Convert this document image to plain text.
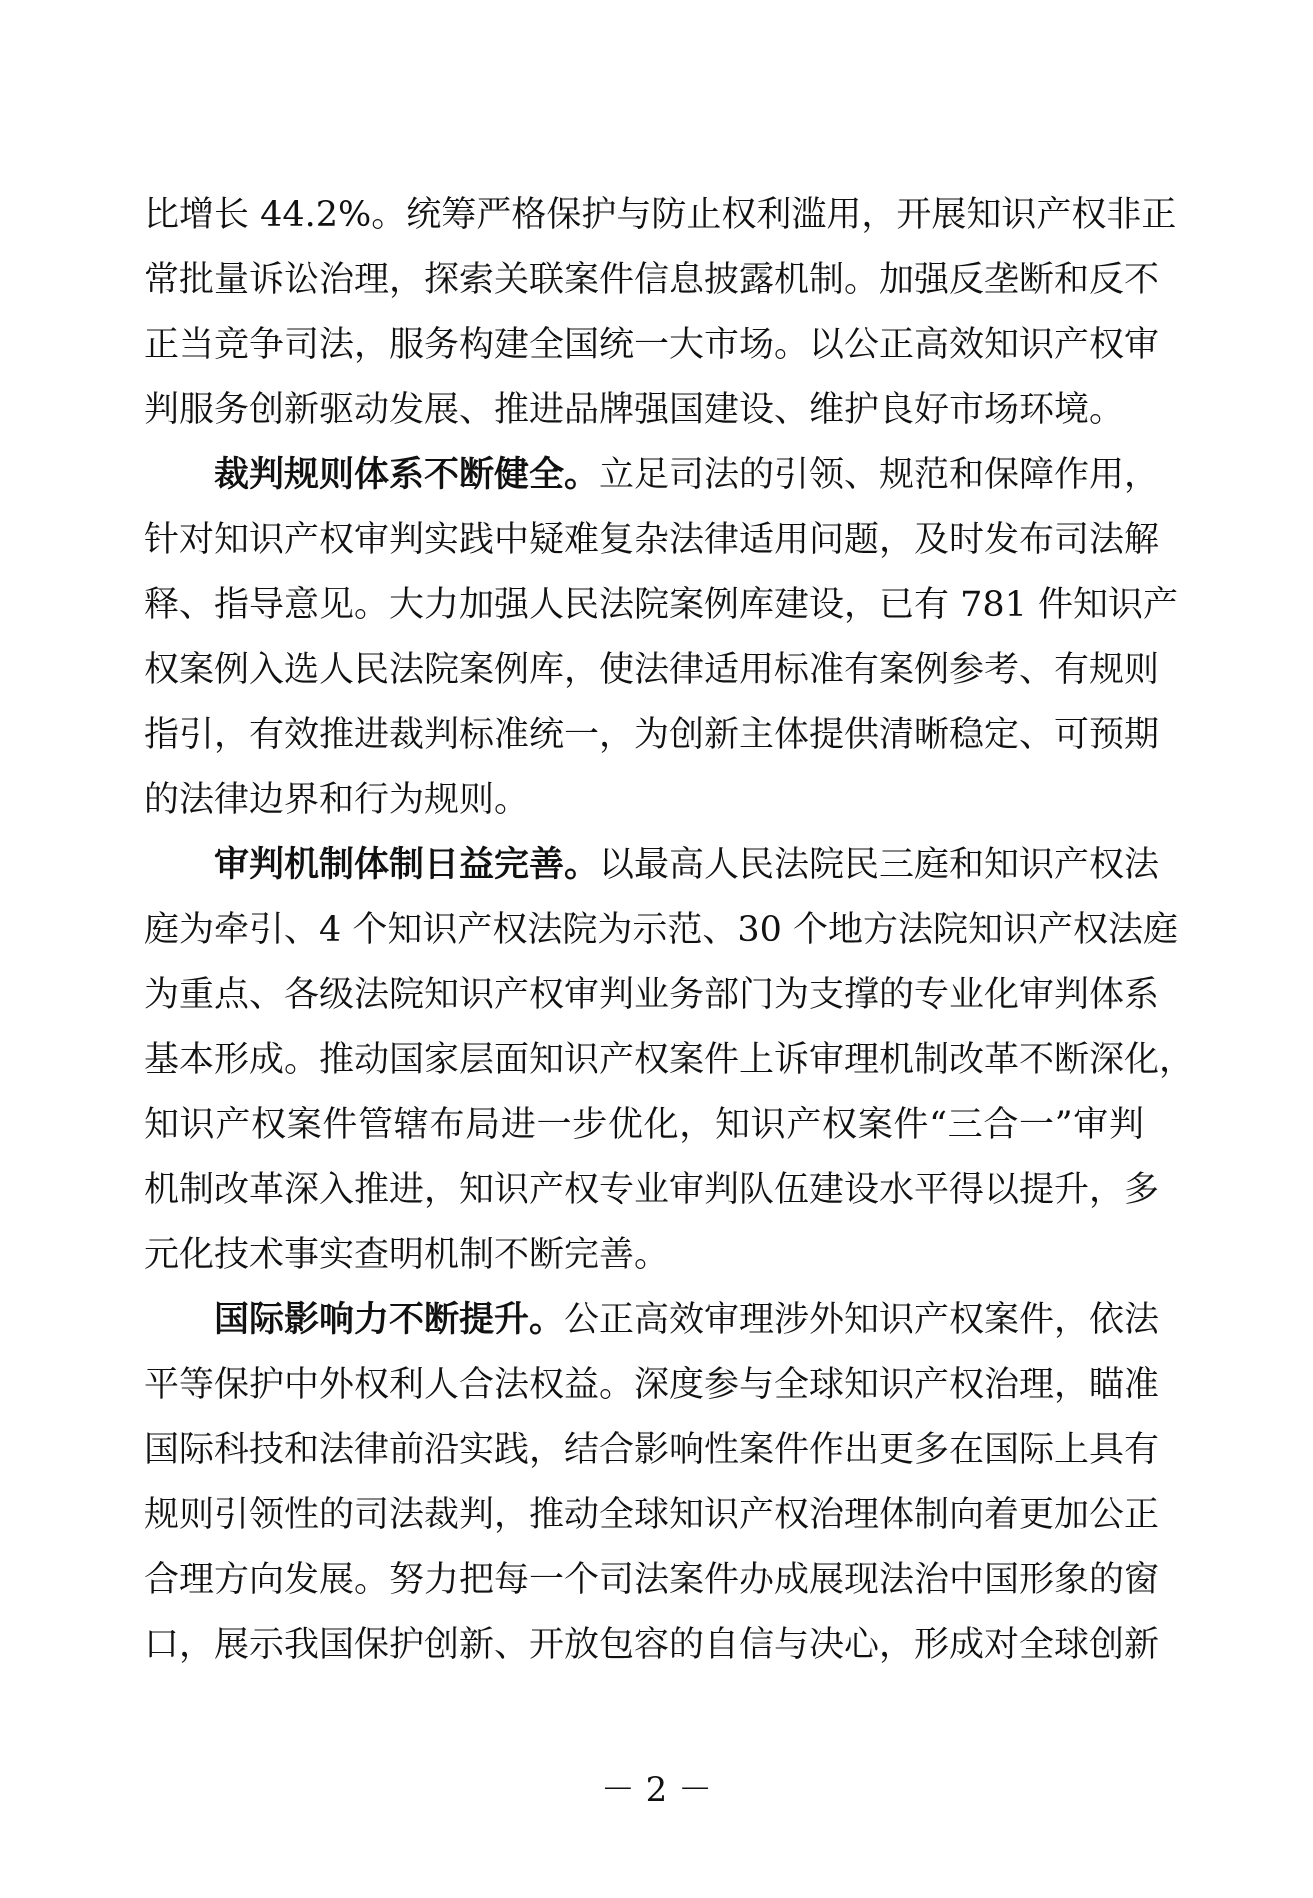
比增长 44.2%。统筹严格保护与防止权利滥用，开展知识产权非正
常批量诉讼治理，探索关联案件信息披露机制。加强反垄断和反不
正当竞争司法，服务构建全国统一大市场。以公正高效知识产权审
判服务创新驱动发展、推进品牌强国建设、维护良好市场环境。
裁判规则体系不断健全。立足司法的引领、规范和保障作用，
针对知识产权审判实践中疑难复杂法律适用问题，及时发布司法解
释、指导意见。大力加强人民法院案例库建设，已有 781 件知识产
权案例入选人民法院案例库，使法律适用标准有案例参考、有规则
指引，有效推进裁判标准统一，为创新主体提供清晰稳定、可预期
的法律边界和行为规则。
审判机制体制日益完善。以最高人民法院民三庭和知识产权法
庭为牵引、4 个知识产权法院为示范、30 个地方法院知识产权法庭
为重点、各级法院知识产权审判业务部门为支撑的专业化审判体系
基本形成。推动国家层面知识产权案件上诉审理机制改革不断深化，
知识产权案件管辖布局进一步优化，知识产权案件“三合一”审判
机制改革深入推进，知识产权专业审判队伍建设水平得以提升，多
元化技术事实查明机制不断完善。
国际影响力不断提升。公正高效审理涉外知识产权案件，依法
平等保护中外权利人合法权益。深度参与全球知识产权治理，瞄准
国际科技和法律前沿实践，结合影响性案件作出更多在国际上具有
规则引领性的司法裁判，推动全球知识产权治理体制向着更加公正
合理方向发展。努力把每一个司法案件办成展现法治中国形象的窗
口，展示我国保护创新、开放包容的自信与决心，形成对全球创新
－ 2 －
